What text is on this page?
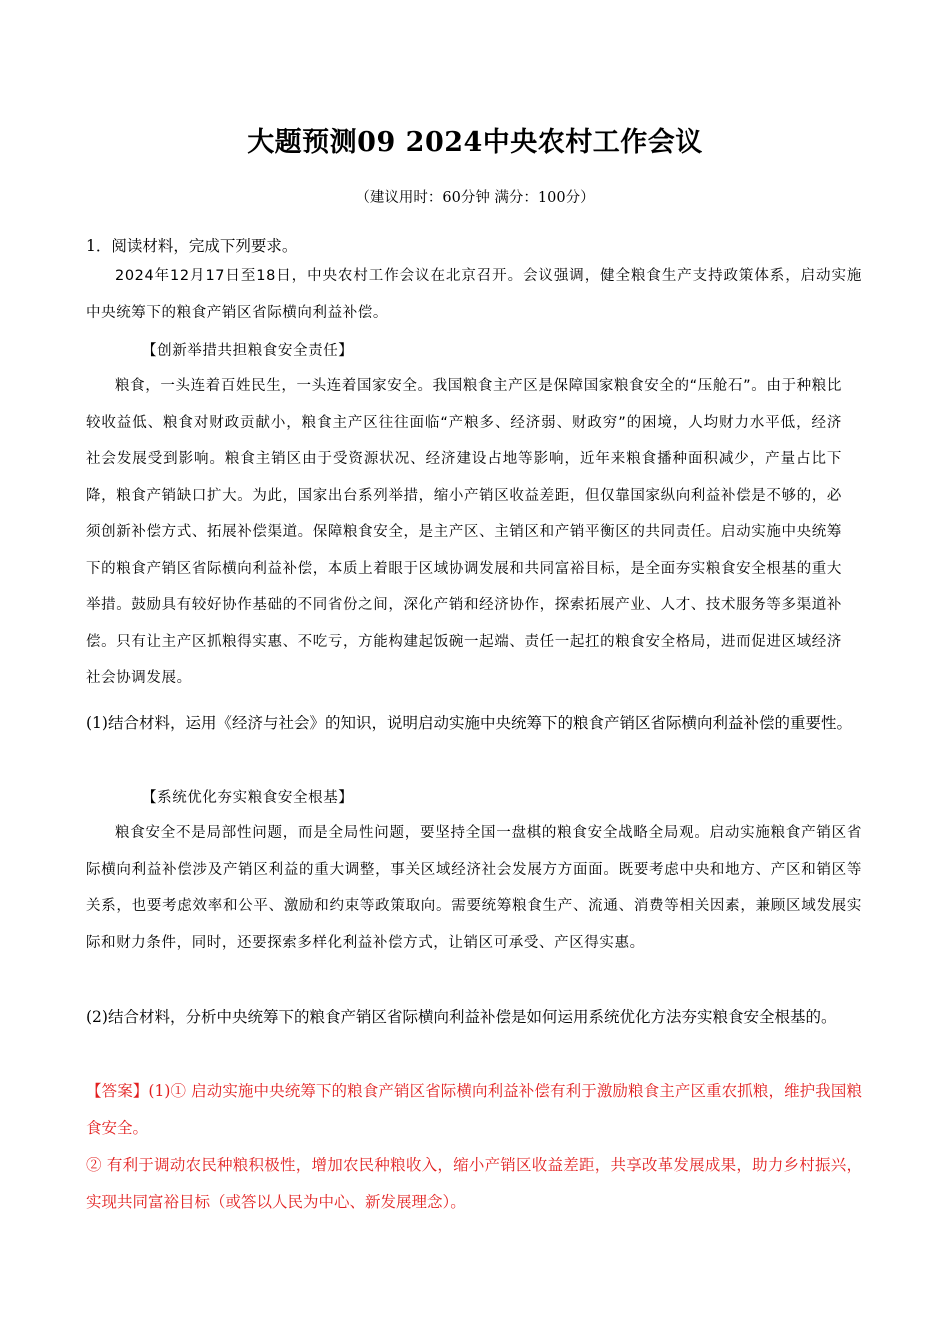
大题预测09 2024中央农村工作会议
（建议用时：60分钟 满分：100分）
1．阅读材料，完成下列要求。
2024年12月17日至18日，中央农村工作会议在北京召开。会议强调，健全粮食生产支持政策体系，启动实施中央统筹下的粮食产销区省际横向利益补偿。
【创新举措共担粮食安全责任】
粮食，一头连着百姓民生，一头连着国家安全。我国粮食主产区是保障国家粮食安全的“压舱石”。由于种粮比较收益低、粮食对财政贡献小，粮食主产区往往面临“产粮多、经济弱、财政穷”的困境，人均财力水平低，经济社会发展受到影响。粮食主销区由于受资源状况、经济建设占地等影响，近年来粮食播种面积减少，产量占比下降，粮食产销缺口扩大。为此，国家出台系列举措，缩小产销区收益差距，但仅靠国家纵向利益补偿是不够的，必须创新补偿方式、拓展补偿渠道。保障粮食安全，是主产区、主销区和产销平衡区的共同责任。启动实施中央统筹下的粮食产销区省际横向利益补偿，本质上着眼于区域协调发展和共同富裕目标，是全面夯实粮食安全根基的重大举措。鼓励具有较好协作基础的不同省份之间，深化产销和经济协作，探索拓展产业、人才、技术服务等多渠道补偿。只有让主产区抓粮得实惠、不吃亏，方能构建起饭碗一起端、责任一起扛的粮食安全格局，进而促进区域经济社会协调发展。
(1)结合材料，运用《经济与社会》的知识，说明启动实施中央统筹下的粮食产销区省际横向利益补偿的重要性。
【系统优化夯实粮食安全根基】
粮食安全不是局部性问题，而是全局性问题，要坚持全国一盘棋的粮食安全战略全局观。启动实施粮食产销区省际横向利益补偿涉及产销区利益的重大调整，事关区域经济社会发展方方面面。既要考虑中央和地方、产区和销区等关系，也要考虑效率和公平、激励和约束等政策取向。需要统筹粮食生产、流通、消费等相关因素，兼顾区域发展实际和财力条件，同时，还要探索多样化利益补偿方式，让销区可承受、产区得实惠。
(2)结合材料，分析中央统筹下的粮食产销区省际横向利益补偿是如何运用系统优化方法夯实粮食安全根基的。
【答案】(1)① 启动实施中央统筹下的粮食产销区省际横向利益补偿有利于激励粮食主产区重农抓粮，维护我国粮食安全。
② 有利于调动农民种粮积极性，增加农民种粮收入，缩小产销区收益差距，共享改革发展成果，助力乡村振兴，实现共同富裕目标（或答以人民为中心、新发展理念）。
